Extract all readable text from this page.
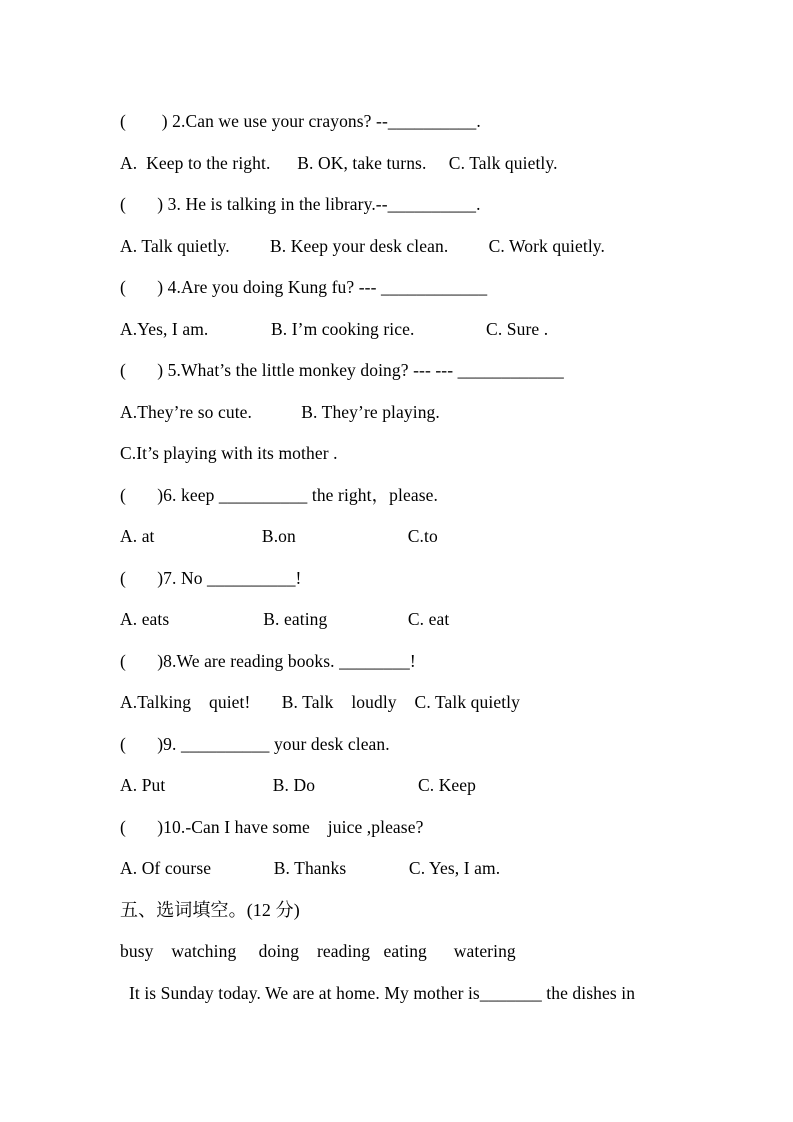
(        ) 2.Can we use your crayons? --__________.
A.  Keep to the right.      B. OK, take turns.     C. Talk quietly.
(       ) 3. He is talking in the library.--__________.
A. Talk quietly.         B. Keep your desk clean.         C. Work quietly.
(       ) 4.Are you doing Kung fu? --- ____________
A.Yes, I am.              B. I’m cooking rice.                C. Sure .
(       ) 5.What’s the little monkey doing? --- --- ____________
A.They’re so cute.           B. They’re playing.
C.It’s playing with its mother .
(       )6. keep __________ the right，please.
A. at                        B.on                         C.to
(       )7. No __________!
A. eats                     B. eating                  C. eat
(       )8.We are reading books. ________!
A.Talking    quiet!       B. Talk    loudly    C. Talk quietly
(       )9. __________ your desk clean.
A. Put                        B. Do                       C. Keep
(       )10.-Can I have some    juice ,please?
A. Of course              B. Thanks              C. Yes, I am.
五、选词填空。(12 分)
busy    watching     doing    reading   eating      watering
It is Sunday today. We are at home. My mother is_______ the dishes in
